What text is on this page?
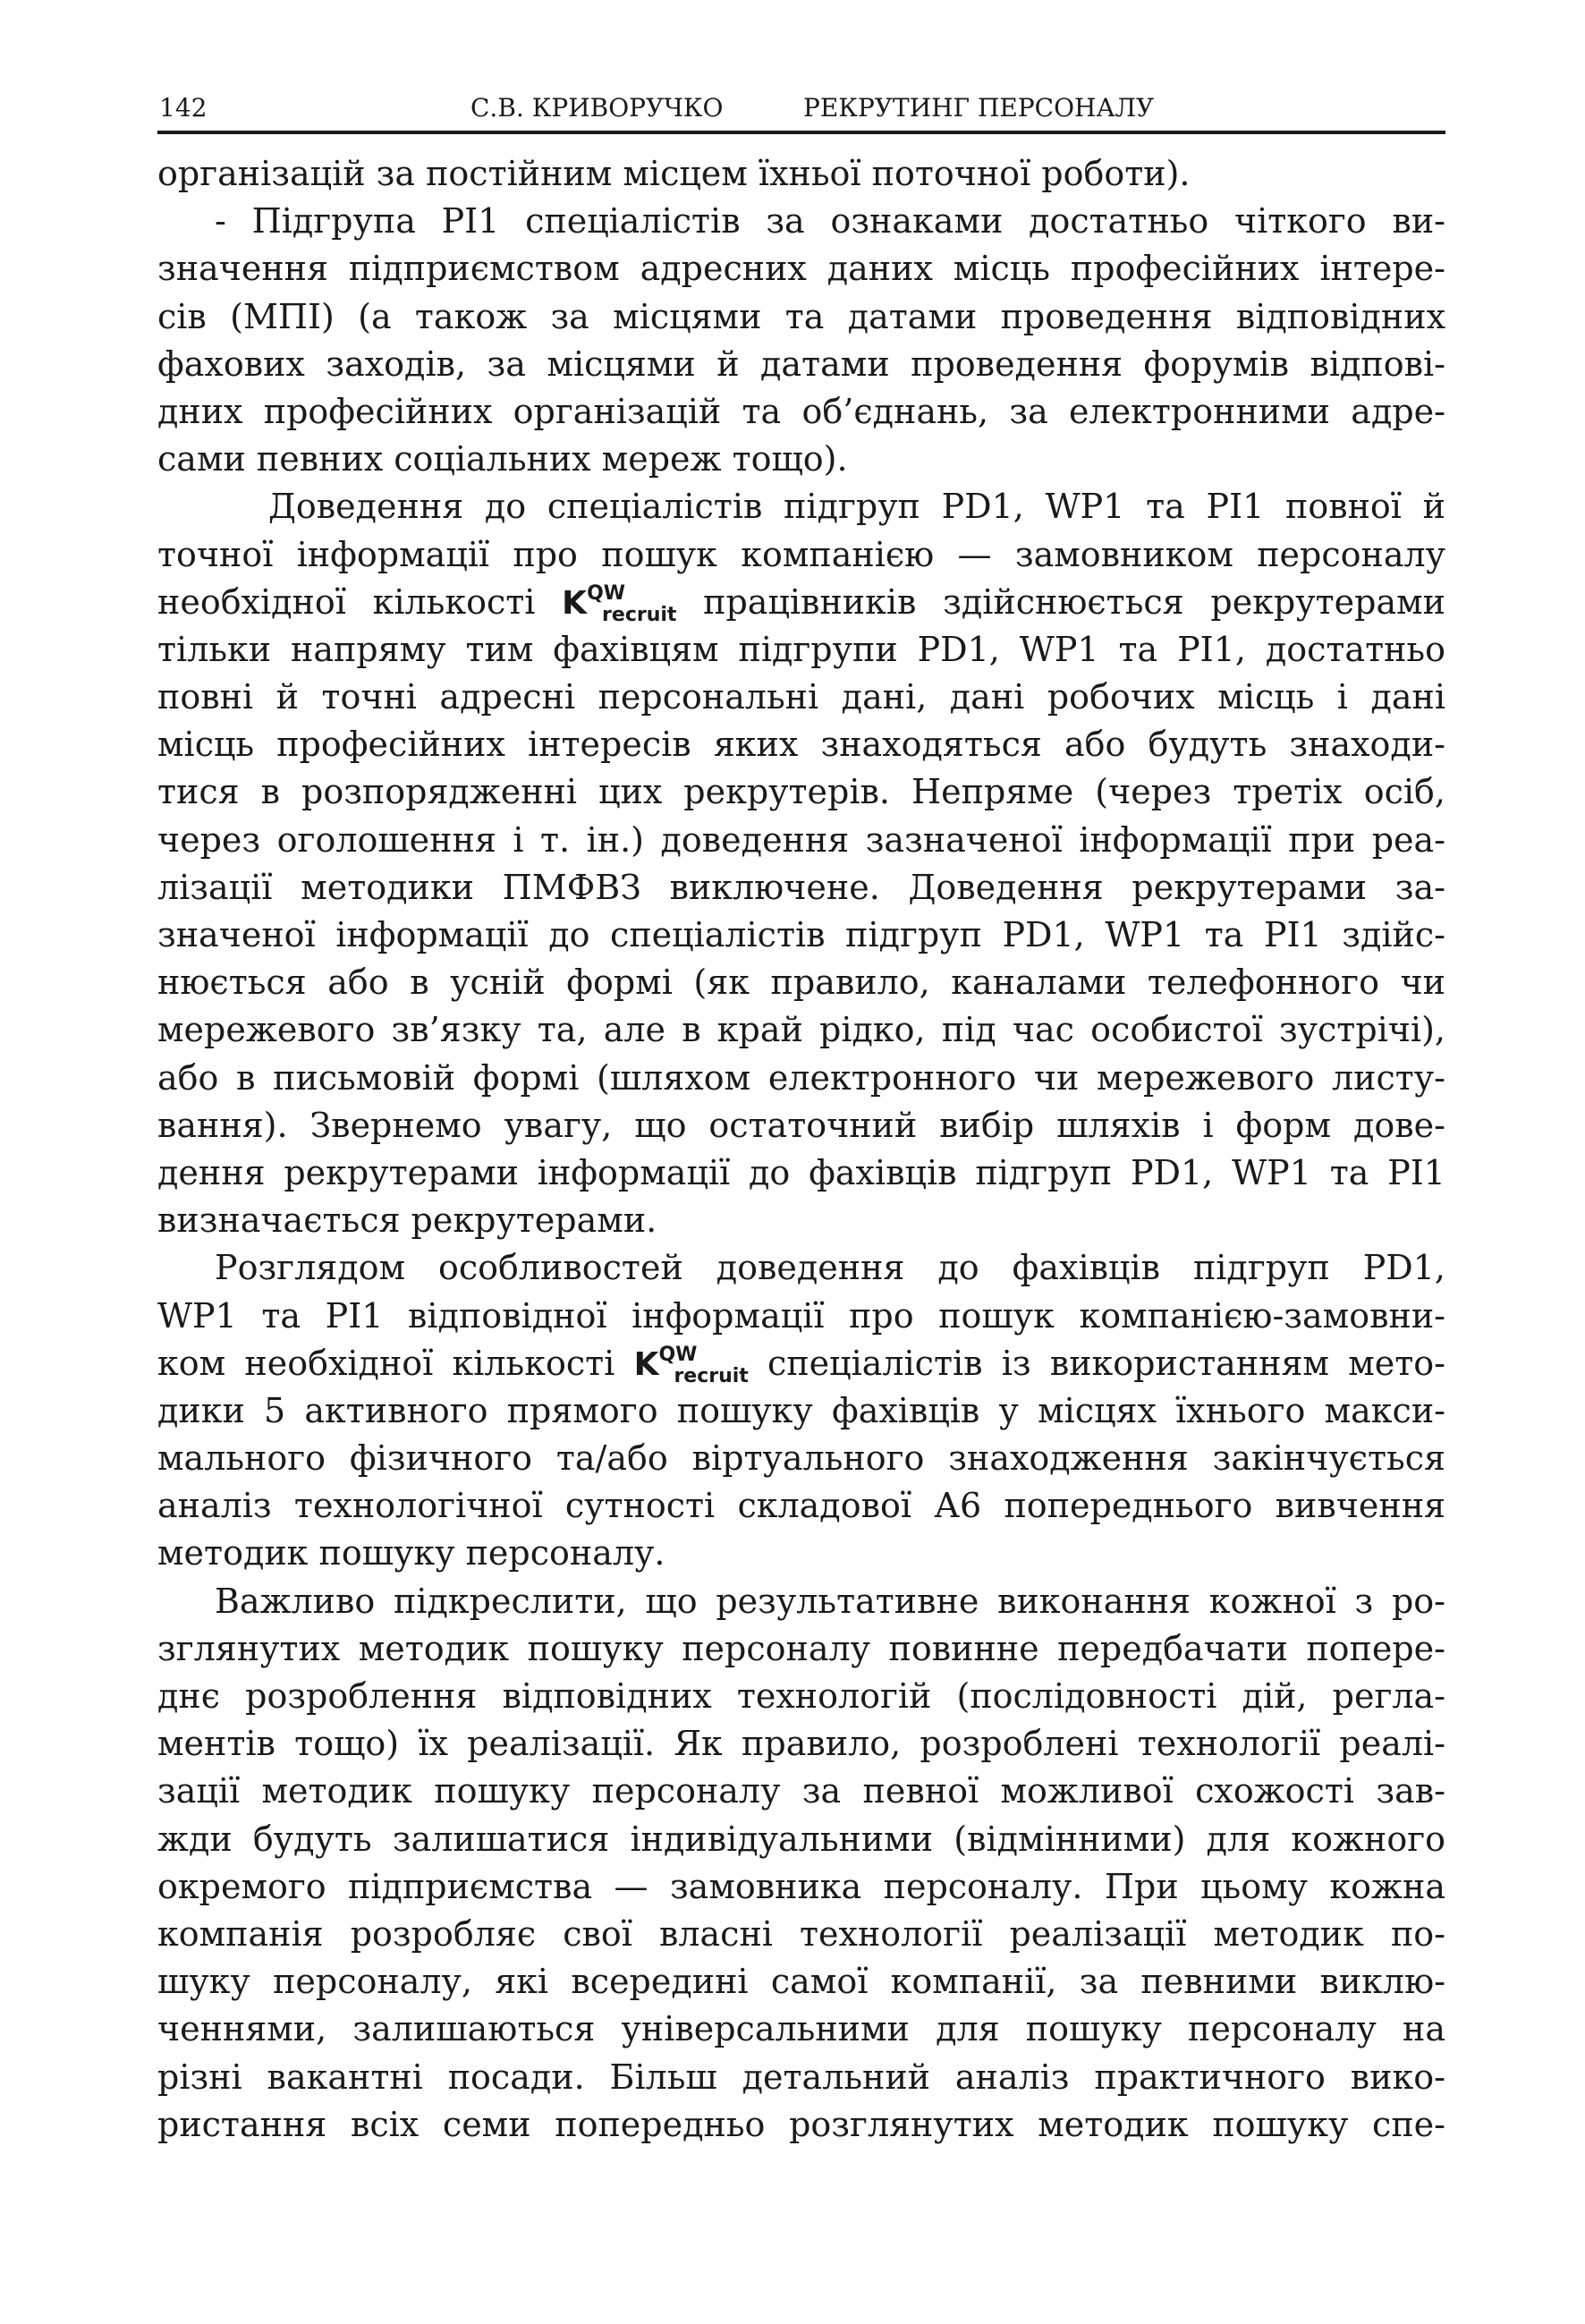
142	С.В. КРИВОРУЧКО	РЕКРУТИНГ ПЕРСОНАЛУ
організацій за постійним місцем їхньої поточної роботи).
- Підгрупа PI1 спеціалістів за ознаками достатньо чіткого ви-
значення підприємством адресних даних місць професійних інтере-
сів (МПІ) (а також за місцями та датами проведення відповідних
фахових заходів, за місцями й датами проведення форумів відпові-
дних професійних організацій та об’єднань, за електронними адре-
сами певних соціальних мереж тощо).
Доведення до спеціалістів підгруп PD1, WP1 та PI1 повної й
точної інформації про пошук компанією — замовником персоналу
необхідної кількості $K^{QW}_{recruit}$ працівників здійснюється рекрутерами
тільки напряму тим фахівцям підгрупи PD1, WP1 та PI1, достатньо
повні й точні адресні персональні дані, дані робочих місць і дані
місць професійних інтересів яких знаходяться або будуть знаходи-
тися в розпорядженні цих рекрутерів. Непряме (через третіх осіб,
через оголошення і т. ін.) доведення зазначеної інформації при реа-
лізації методики ПМФВЗ виключене. Доведення рекрутерами за-
значеної інформації до спеціалістів підгруп PD1, WP1 та PI1 здійс-
нюється або в усній формі (як правило, каналами телефонного чи
мережевого зв’язку та, але в край рідко, під час особистої зустрічі),
або в письмовій формі (шляхом електронного чи мережевого листу-
вання). Звернемо увагу, що остаточний вибір шляхів і форм дове-
дення рекрутерами інформації до фахівців підгруп PD1, WP1 та PI1
визначається рекрутерами.
Розглядом особливостей доведення до фахівців підгруп PD1,
WP1 та PI1 відповідної інформації про пошук компанією-замовни-
ком необхідної кількості $K^{QW}_{recruit}$ спеціалістів із використанням мето-
дики 5 активного прямого пошуку фахівців у місцях їхнього макси-
мального фізичного та/або віртуального знаходження закінчується
аналіз технологічної сутності складової А6 попереднього вивчення
методик пошуку персоналу.
Важливо підкреслити, що результативне виконання кожної з ро-
зглянутих методик пошуку персоналу повинне передбачати попере-
днє розроблення відповідних технологій (послідовності дій, регла-
ментів тощо) їх реалізації. Як правило, розроблені технології реалі-
зації методик пошуку персоналу за певної можливої схожості зав-
жди будуть залишатися індивідуальними (відмінними) для кожного
окремого підприємства — замовника персоналу. При цьому кожна
компанія розробляє свої власні технології реалізації методик по-
шуку персоналу, які всередині самої компанії, за певними виклю-
ченнями, залишаються універсальними для пошуку персоналу на
різні вакантні посади. Більш детальний аналіз практичного вико-
ристання всіх семи попередньо розглянутих методик пошуку спе-
